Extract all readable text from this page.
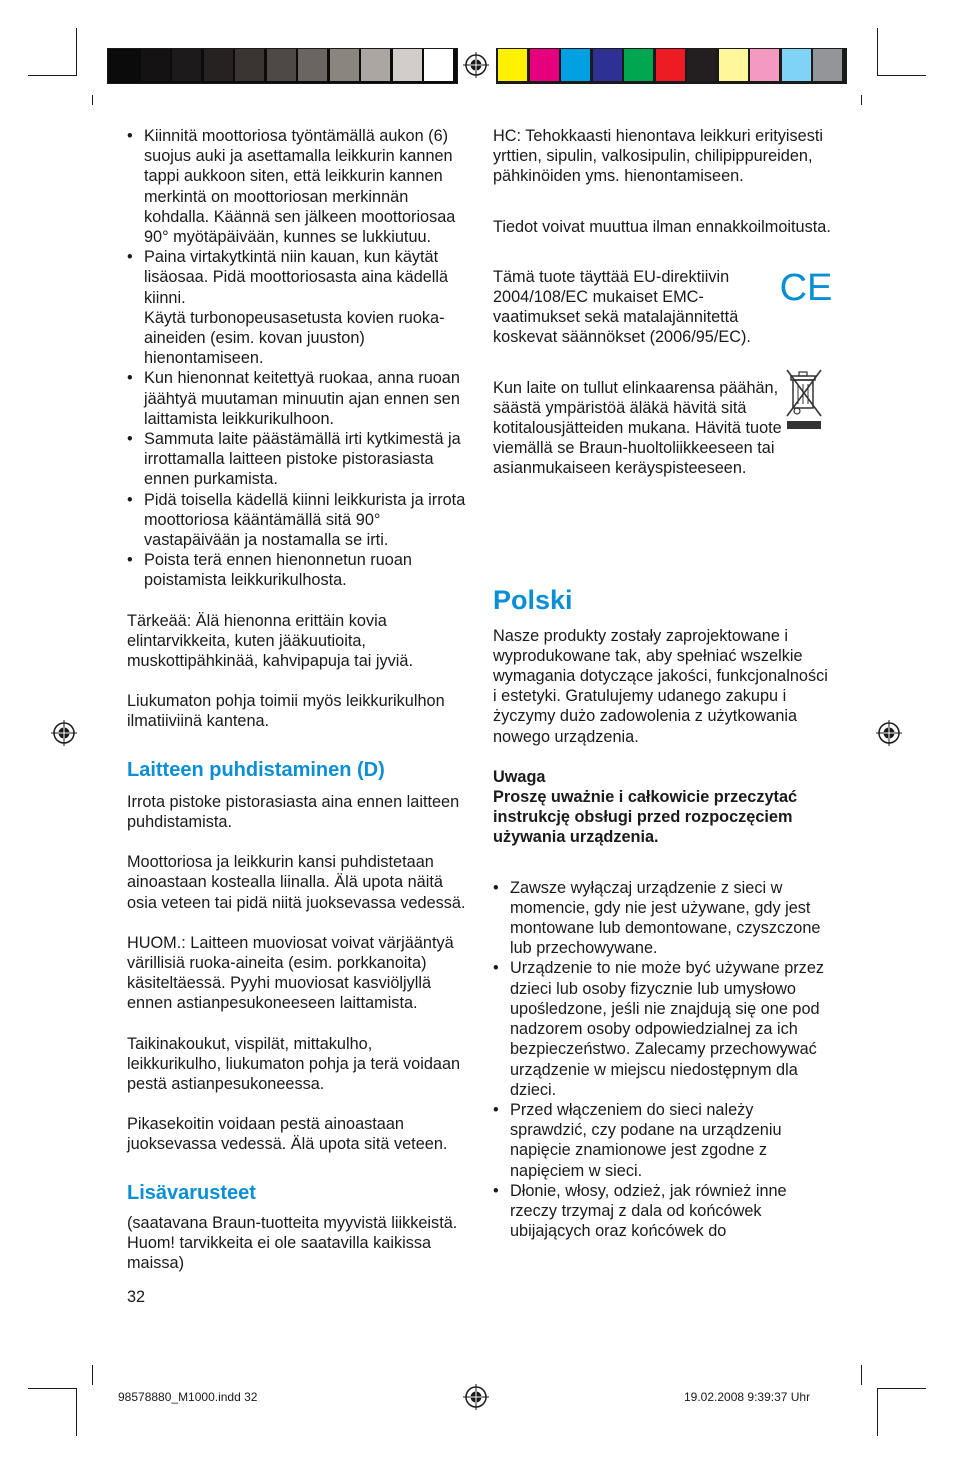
• Kiinnitä moottoriosa työntämällä aukon (6) suojus auki ja asettamalla leikkurin kannen tappi aukkoon siten, että leikkurin kannen merkintä on moottoriosan merkinnän kohdalla. Käännä sen jälkeen moottoriosaa 90° myötäpäivään, kunnes se lukkiutuu.
• Paina virtakytkintä niin kauan, kun käytät lisäosaa. Pidä moottoriosasta aina kädellä kiinni.
Käytä turbonopeusasetusta kovien ruoka-aineiden (esim. kovan juuston) hienontamiseen.
• Kun hienonnat keitettyä ruokaa, anna ruoan jäähtyä muutaman minuutin ajan ennen sen laittamista leikkurikulhoon.
• Sammuta laite päästämällä irti kytkimestä ja irrottamalla laitteen pistoke pistorasiasta ennen purkamista.
• Pidä toisella kädellä kiinni leikkurista ja irrota moottoriosa kääntämällä sitä 90° vastapäivään ja nostamalla se irti.
• Poista terä ennen hienonnetun ruoan poistamista leikkurikulhosta.

Tärkeää: Älä hienonna erittäin kovia elintarvikkeita, kuten jääkuutioita, muskottipähkinää, kahvipapuja tai jyviä.

Liukumaton pohja toimii myös leikkurikulhon ilmatiiviinä kantena.

Laitteen puhdistaminen (D)

Irrota pistoke pistorasiasta aina ennen laitteen puhdistamista.

Moottoriosa ja leikkurin kansi puhdistetaan ainoastaan kostealla liinalla. Älä upota näitä osia veteen tai pidä niitä juoksevassa vedessä.

HUOM.: Laitteen muoviosat voivat värjääntyä värillisiä ruoka-aineita (esim. porkkanoita) käsiteltäessä. Pyyhi muoviosat kasviöljyllä ennen astianpesukoneeseen laittamista.

Taikinakoukut, vispilät, mittakulho, leikkurikulho, liukumaton pohja ja terä voidaan pestä astianpesukoneessa.

Pikasekoitin voidaan pestä ainoastaan juoksevassa vedessä. Älä upota sitä veteen.

Lisävarusteet

(saatavana Braun-tuotteita myyvistä liikkeistä. Huom! tarvikkeita ei ole saatavilla kaikissa maissa)

32

HC: Tehokkaasti hienontava leikkuri erityisesti yrttien, sipulin, valkosipulin, chilipippureiden, pähkinöiden yms. hienontamiseen.

Tiedot voivat muuttua ilman ennakkoilmoitusta.

Tämä tuote täyttää EU-direktiivin 2004/108/EC mukaiset EMC-vaatimukset sekä matalajännitettä koskevat säännökset (2006/95/EC).

CE

Kun laite on tullut elinkaarensa päähän, säästä ympäristöä äläkä hävitä sitä kotitalousjätteiden mukana. Hävitä tuote viemällä se Braun-huoltoliikkeeseen tai asianmukaiseen keräyspisteeseen.

Polski

Nasze produkty zostały zaprojektowane i wyprodukowane tak, aby spełniać wszelkie wymagania dotyczące jakości, funkcjonalności i estetyki. Gratulujemy udanego zakupu i życzymy dużo zadowolenia z użytkowania nowego urządzenia.

Uwaga

Proszę uważnie i całkowicie przeczytać instrukcję obsługi przed rozpoczęciem używania urządzenia.

• Zawsze wyłączaj urządzenie z sieci w momencie, gdy nie jest używane, gdy jest montowane lub demontowane, czyszczone lub przechowywane.
• Urządzenie to nie może być używane przez dzieci lub osoby fizycznie lub umysłowo upośledzone, jeśli nie znajdują się one pod nadzorem osoby odpowiedzialnej za ich bezpieczeństwo. Zalecamy przechowywać urządzenie w miejscu niedostępnym dla dzieci.
• Przed włączeniem do sieci należy sprawdzić, czy podane na urządzeniu napięcie znamionowe jest zgodne z napięciem w sieci.
• Dłonie, włosy, odzież, jak również inne rzeczy trzymaj z dala od końcówek ubijających oraz końcówek do
98578880_M1000.indd 32	19.02.2008 9:39:37 Uhr
